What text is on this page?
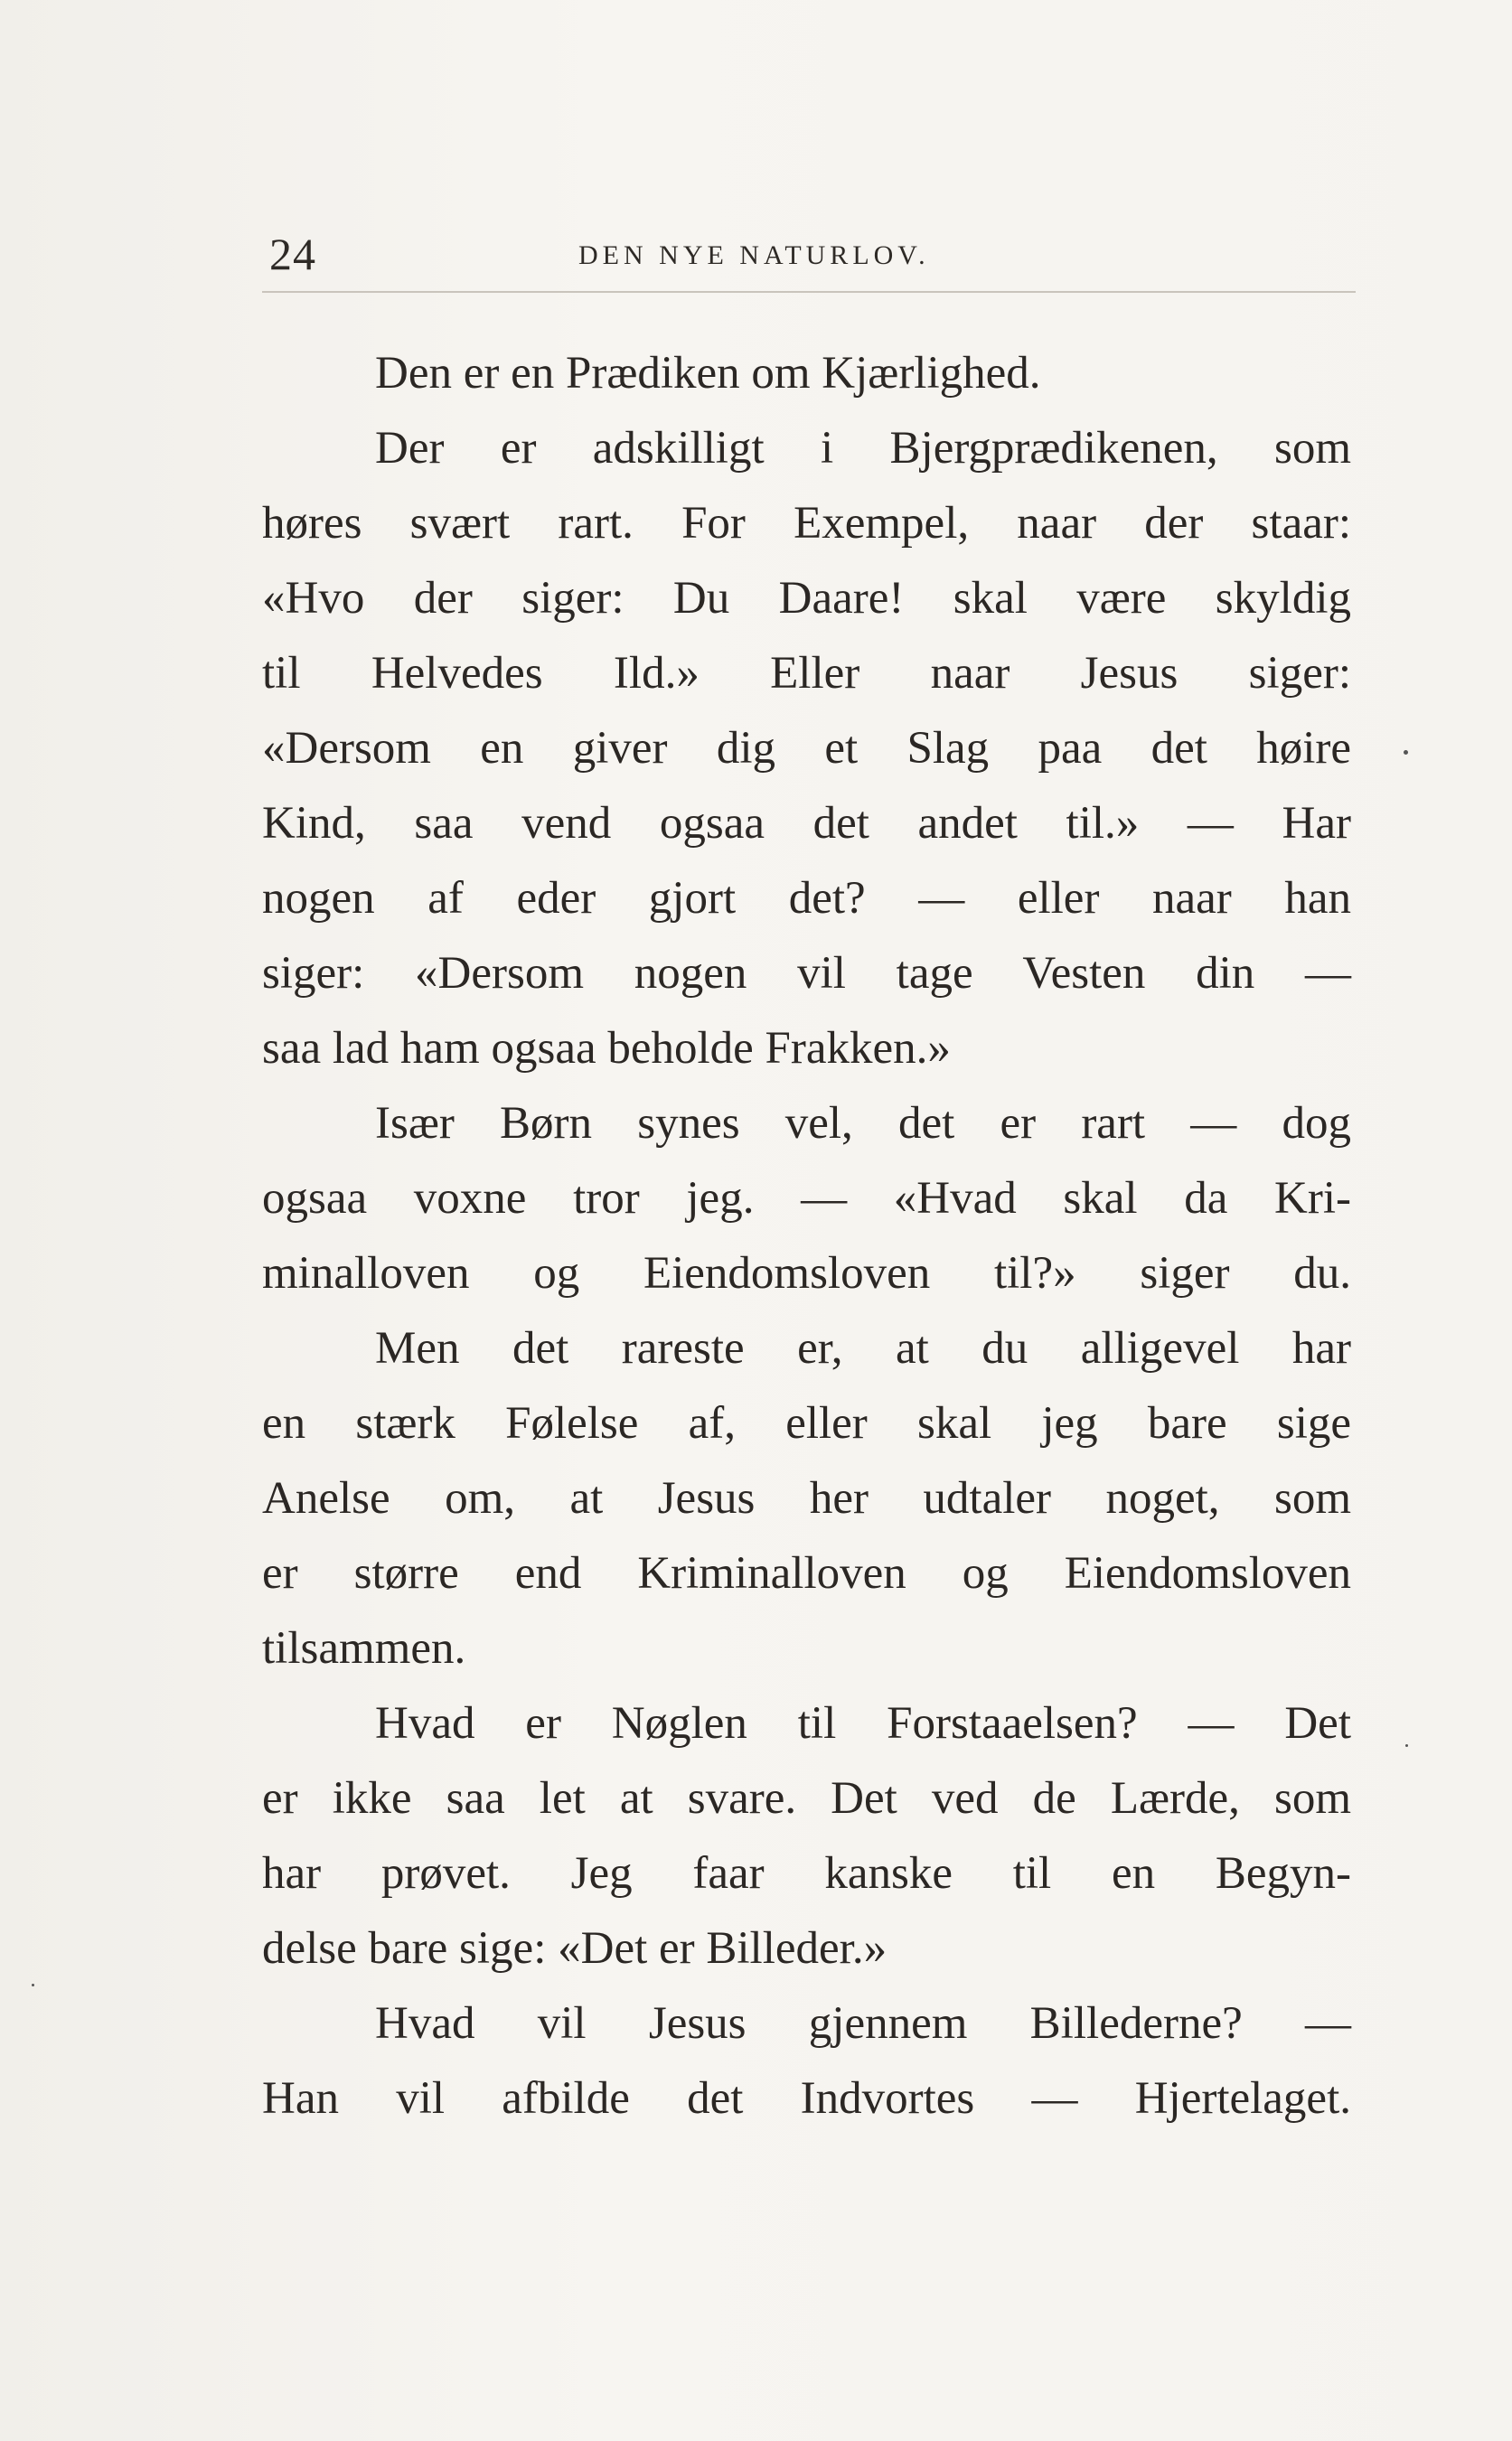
24	DEN NYE NATURLOV.
Den er en Prædiken om Kjærlighed.
Der er adskilligt i Bjergprædikenen, som
høres svært rart. For Exempel, naar der staar:
«Hvo der siger: Du Daare! skal være skyldig
til Helvedes Ild.» Eller naar Jesus siger:
«Dersom en giver dig et Slag paa det høire
Kind, saa vend ogsaa det andet til.» — Har
nogen af eder gjort det? — eller naar han
siger: «Dersom nogen vil tage Vesten din —
saa lad ham ogsaa beholde Frakken.»
Især Børn synes vel, det er rart — dog
ogsaa voxne tror jeg. — «Hvad skal da Kri-
minalloven og Eiendomsloven til?» siger du.
Men det rareste er, at du alligevel har
en stærk Følelse af, eller skal jeg bare sige
Anelse om, at Jesus her udtaler noget, som
er større end Kriminalloven og Eiendomsloven
tilsammen.
Hvad er Nøglen til Forstaaelsen? — Det
er ikke saa let at svare. Det ved de Lærde, som
har prøvet. Jeg faar kanske til en Begyn-
delse bare sige: «Det er Billeder.»
Hvad vil Jesus gjennem Billederne? —
Han vil afbilde det Indvortes — Hjertelaget.
